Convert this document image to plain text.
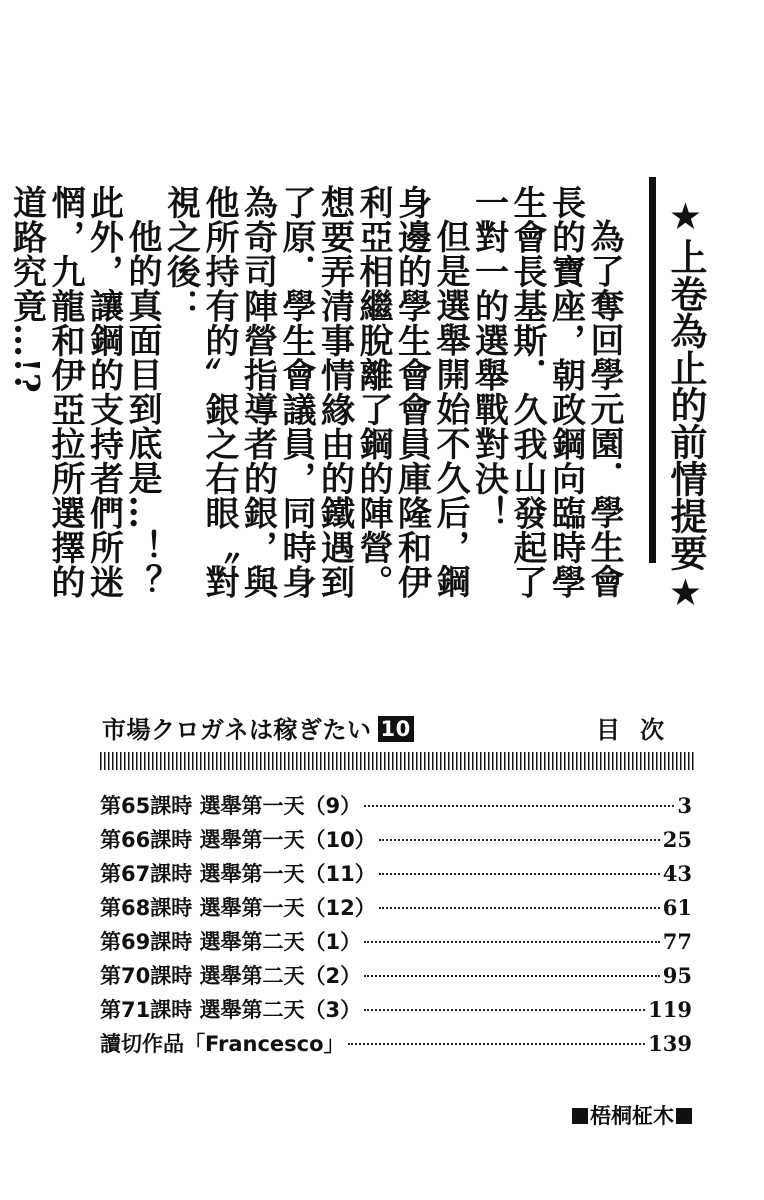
★上卷為止的前情提要★

為了奪回學元園．學生會長的寶座，朝政鋼向臨時學生會長基斯．久我山發起了一對一的選舉戰對決！

但是選舉開始不久后，鋼身邊的學生會會員庫隆和伊利亞相繼脫離了鋼的陣營。想要弄清事情緣由的鐵遇到了原．學生會議員，同時身為奇司陣營指導者的銀，與他所持有的〞銀之右眼〝對視之後：

他的真面目到底是…！？此外，讓鋼的支持者們所迷惘，九龍和伊亞拉所選擇的道路究竟…!?

市場クロガネは稼ぎたい 10	目次
第65課時 選舉第一天（9）	3
第66課時 選舉第一天（10）	25
第67課時 選舉第一天（11）	43
第68課時 選舉第一天（12）	61
第69課時 選舉第二天（1）	77
第70課時 選舉第二天（2）	95
第71課時 選舉第二天（3）	119
讀切作品「Francesco」	139
梧桐柾木
